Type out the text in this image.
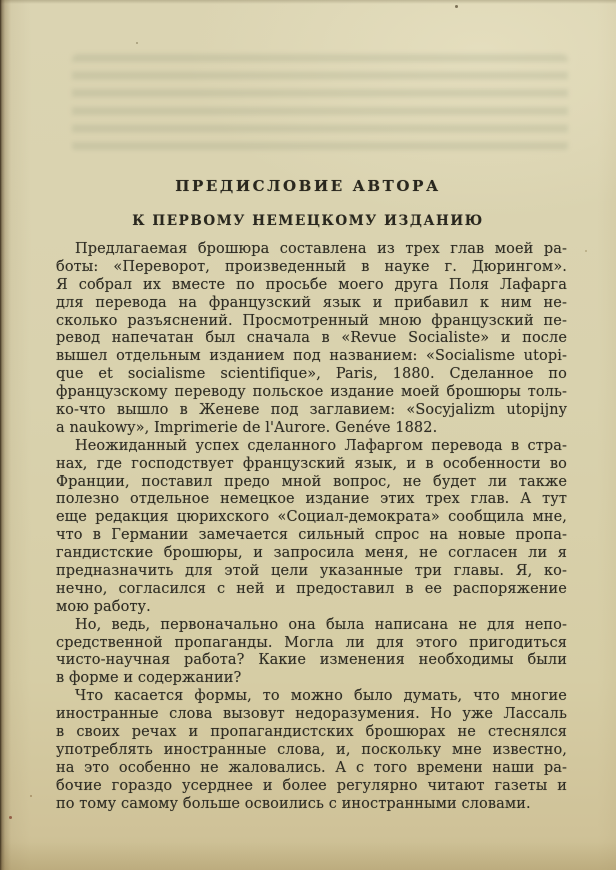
ПРЕДИСЛОВИЕ АВТОРА
К ПЕРВОМУ НЕМЕЦКОМУ ИЗДАНИЮ
Предлагаемая брошюра составлена из трех глав моей ра-
боты: «Переворот, произведенный в науке г. Дюрингом».
Я собрал их вместе по просьбе моего друга Поля Лафарга
для перевода на французский язык и прибавил к ним не-
сколько разъяснений. Просмотренный мною французский пе-
ревод напечатан был сначала в «Revue Socialiste» и после
вышел отдельным изданием под названием: «Socialisme utopi-
que et socialisme scientifique», Paris, 1880. Сделанное по
французскому переводу польское издание моей брошюры толь-
ко-что вышло в Женеве под заглавием: «Socyjalizm utopijny
a naukowy», Imprimerie de l'Aurore. Genéve 1882.
Неожиданный успех сделанного Лафаргом перевода в стра-
нах, где господствует французский язык, и в особенности во
Франции, поставил предо мной вопрос, не будет ли также
полезно отдельное немецкое издание этих трех глав. А тут
еще редакция цюрихского «Социал-демократа» сообщила мне,
что в Германии замечается сильный спрос на новые пропа-
гандистские брошюры, и запросила меня, не согласен ли я
предназначить для этой цели указанные три главы. Я, ко-
нечно, согласился с ней и предоставил в ее распоряжение
мою работу.
Но, ведь, первоначально она была написана не для непо-
средственной пропаганды. Могла ли для этого пригодиться
чисто-научная работа? Какие изменения необходимы были
в форме и содержании?
Что касается формы, то можно было думать, что многие
иностранные слова вызовут недоразумения. Но уже Лассаль
в своих речах и пропагандистских брошюрах не стеснялся
употреблять иностранные слова, и, поскольку мне известно,
на это особенно не жаловались. А с того времени наши ра-
бочие гораздо усерднее и более регулярно читают газеты и
по тому самому больше освоились с иностранными словами.
